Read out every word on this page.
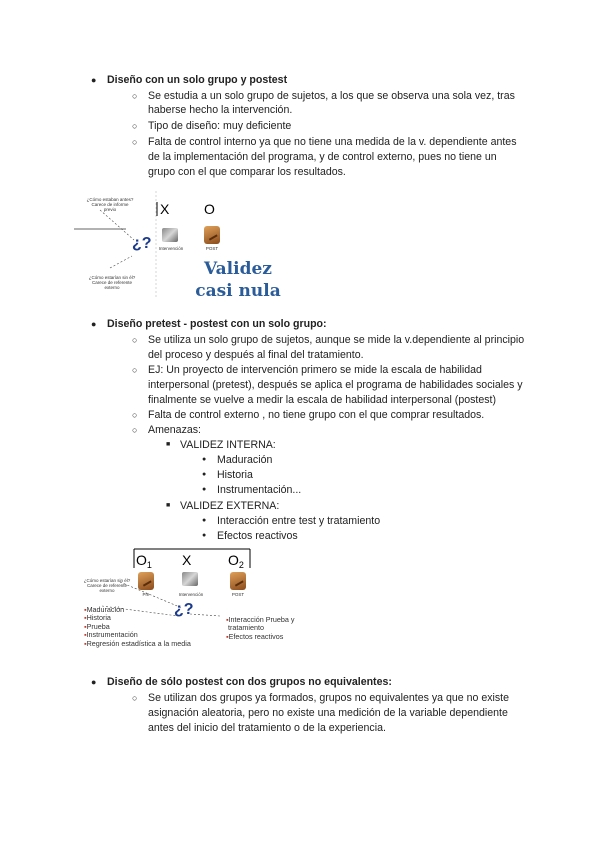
● Diseño con un solo grupo y postest
○ Se estudia a un solo grupo de sujetos, a los que se observa una sola vez, tras
haberse hecho la intervención.
○ Tipo de diseño: muy deficiente
○ Falta de control interno ya que no tiene una medida de la v. dependiente antes
de la implementación del programa, y de control externo, pues no tiene un
grupo con el que comparar los resultados.
¿Cómo estaban antes?
Carece de informe
previo
¿?
X O
Intervención	POST
¿Cómo estarían sin él?
Carece de referente
externo
Validez
casi nula
● Diseño pretest - postest con un solo grupo:
○ Se utiliza un solo grupo de sujetos, aunque se mide la v.dependiente al principio
del proceso y después al final del tratamiento.
○ EJ: Un proyecto de intervención primero se mide la escala de habilidad
interpersonal (pretest), después se aplica el programa de habilidades sociales y
finalmente se vuelve a medir la escala de habilidad interpersonal (postest)
○ Falta de control externo , no tiene grupo con el que comprar resultados.
○ Amenazas:
■ VALIDEZ INTERNA:
● Maduración
● Historia
● Instrumentación...
■ VALIDEZ EXTERNA:
● Interacción entre test y tratamiento
● Efectos reactivos
$O_1$ X	$O_2$
Pre	Intervención	POST
¿Cómo estarían sin él?
Carece de referente
externo
¿?
▪Maduración
▪Historia
▪Prueba
▪Instrumentación
▪Regresión estadística a la media
▪Interacción Prueba y
tratamiento
▪Efectos reactivos
● Diseño de sólo postest con dos grupos no equivalentes:
○ Se utilizan dos grupos ya formados, grupos no equivalentes ya que no existe
asignación aleatoria, pero no existe una medición de la variable dependiente
antes del inicio del tratamiento o de la experiencia.
